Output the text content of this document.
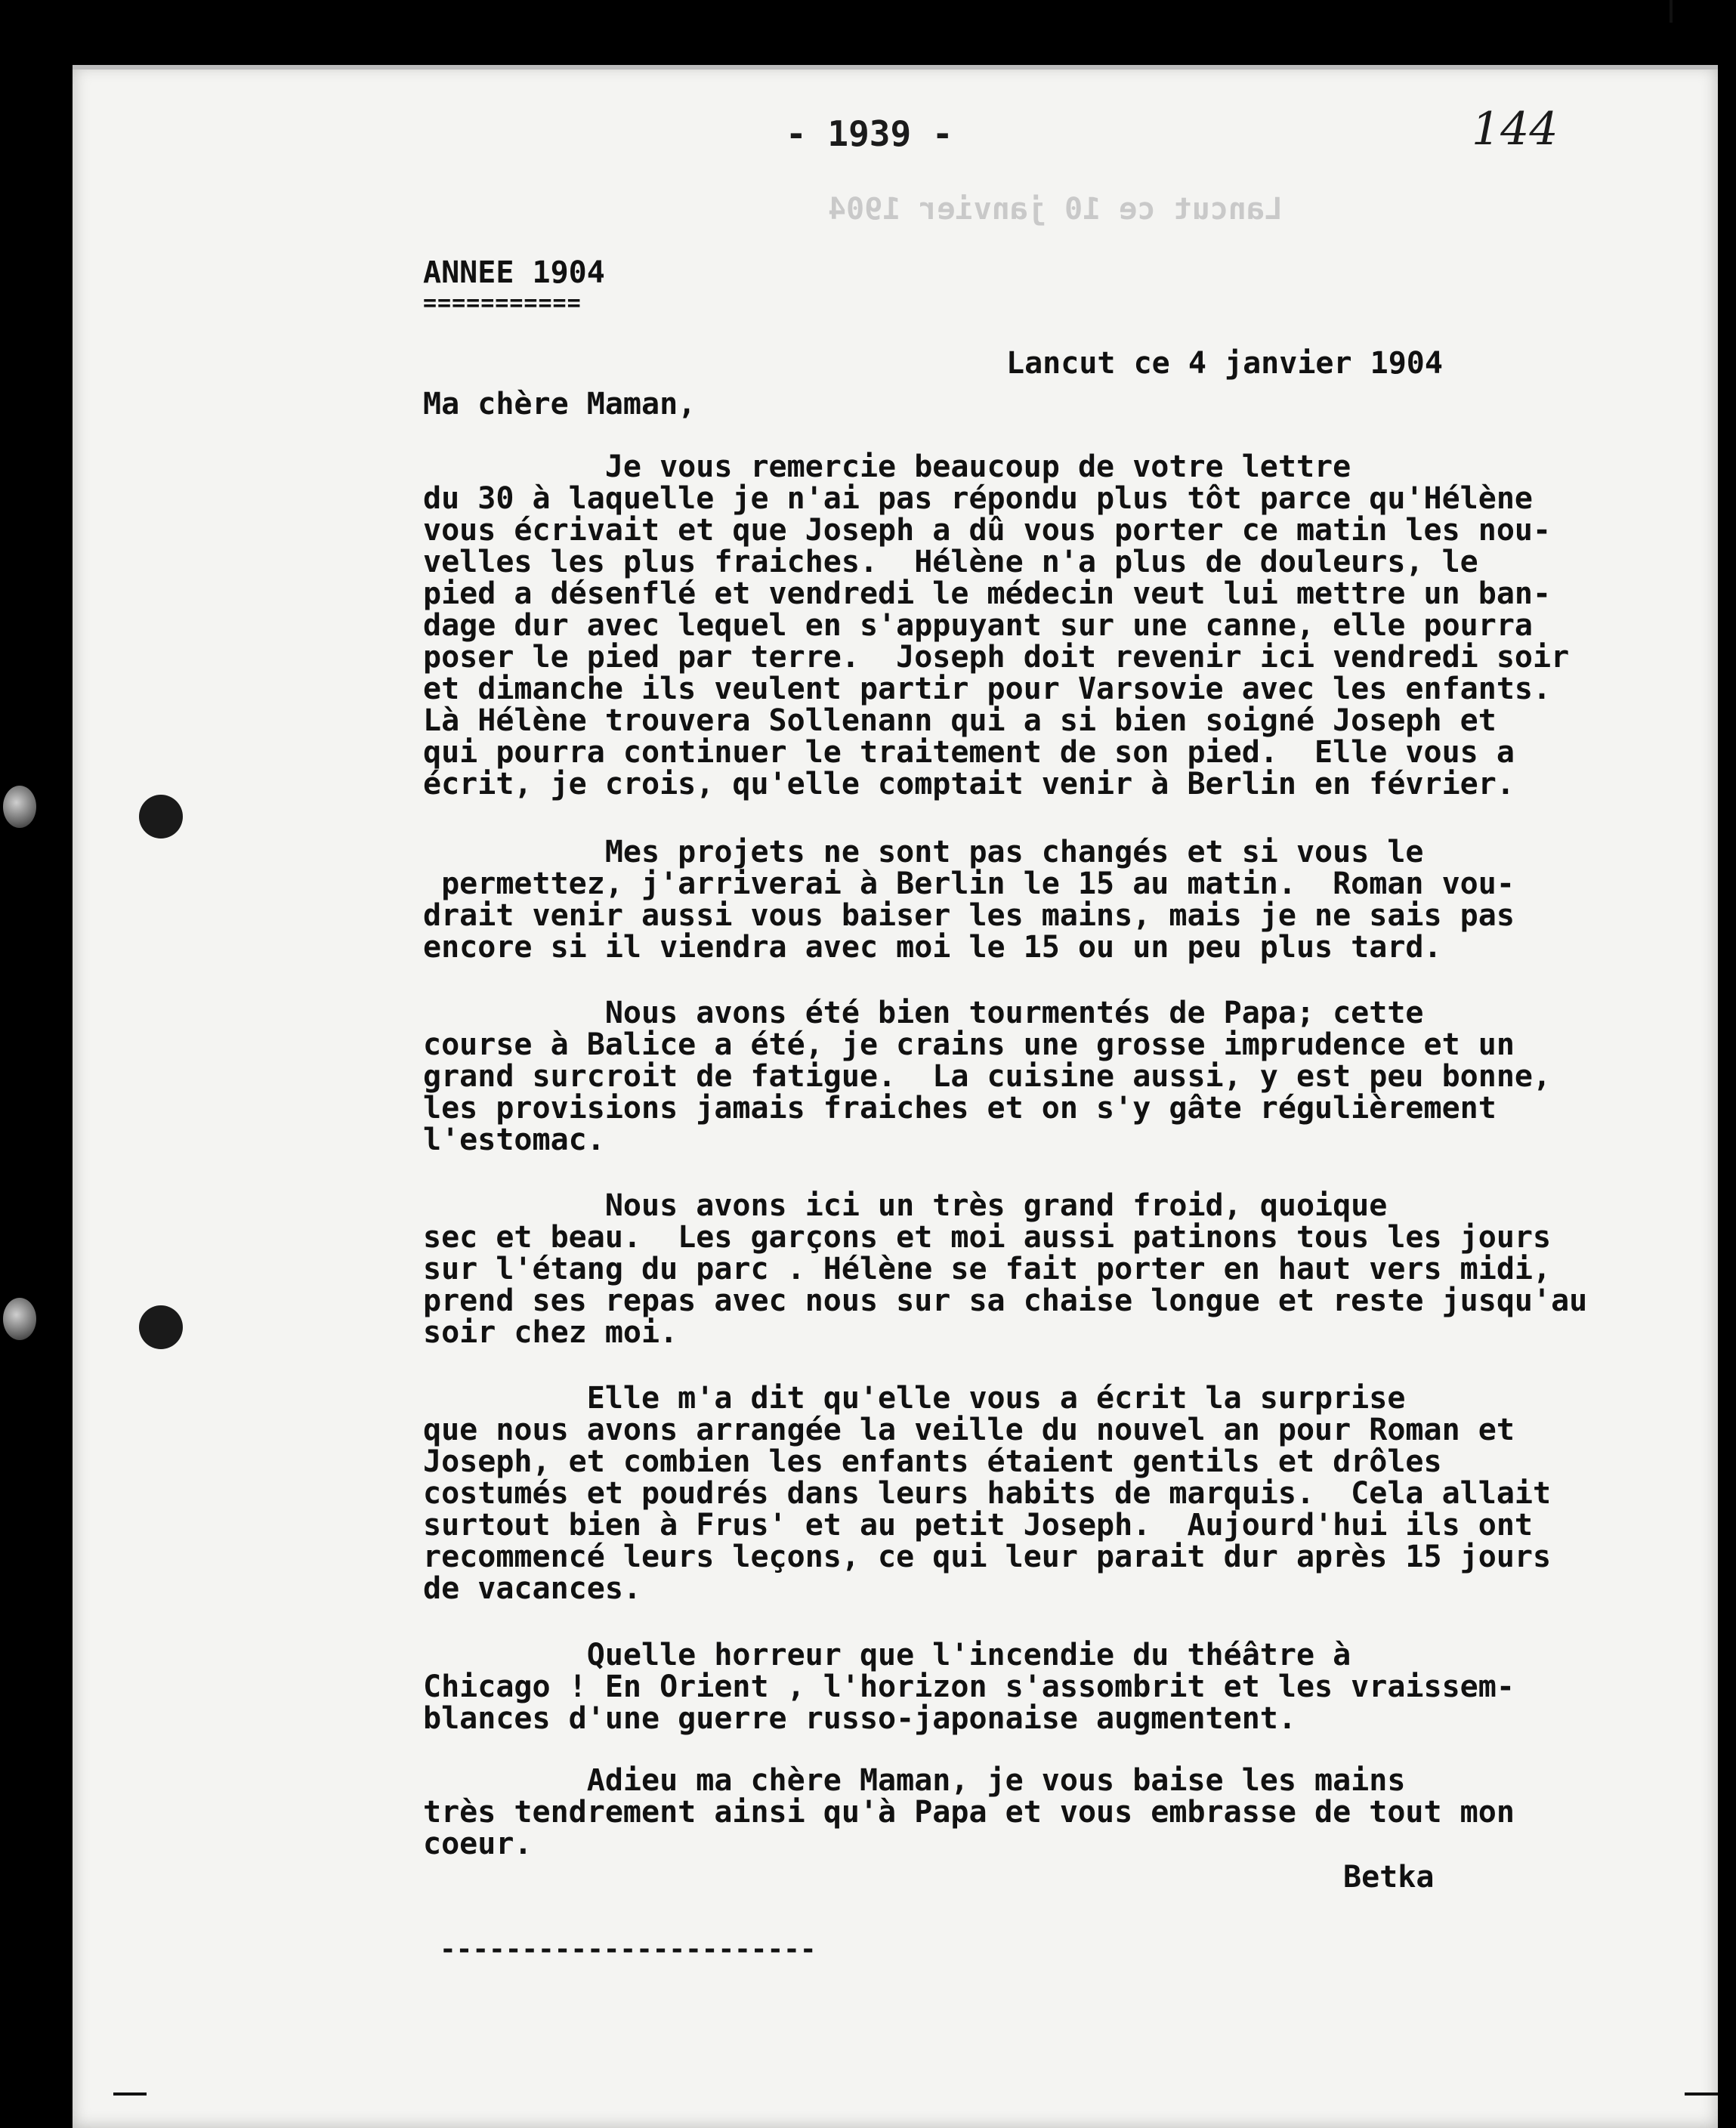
Lancut ce 10 janvier 1904
- 1939 -	144
ANNEE 1904
===========
Lancut ce 4 janvier 1904
Ma chère Maman,
Je vous remercie beaucoup de votre lettre
du 30 à laquelle je n'ai pas répondu plus tôt parce qu'Hélène
vous écrivait et que Joseph a dû vous porter ce matin les nou-
velles les plus fraiches.  Hélène n'a plus de douleurs, le
pied a désenflé et vendredi le médecin veut lui mettre un ban-
dage dur avec lequel en s'appuyant sur une canne, elle pourra
poser le pied par terre.  Joseph doit revenir ici vendredi soir
et dimanche ils veulent partir pour Varsovie avec les enfants.
Là Hélène trouvera Sollenann qui a si bien soigné Joseph et
qui pourra continuer le traitement de son pied.  Elle vous a
écrit, je crois, qu'elle comptait venir à Berlin en février.
Mes projets ne sont pas changés et si vous le
permettez, j'arriverai à Berlin le 15 au matin.  Roman vou-
drait venir aussi vous baiser les mains, mais je ne sais pas
encore si il viendra avec moi le 15 ou un peu plus tard.
Nous avons été bien tourmentés de Papa; cette
course à Balice a été, je crains une grosse imprudence et un
grand surcroit de fatigue.  La cuisine aussi, y est peu bonne,
les provisions jamais fraiches et on s'y gâte régulièrement
l'estomac.
Nous avons ici un très grand froid, quoique
sec et beau.  Les garçons et moi aussi patinons tous les jours
sur l'étang du parc . Hélène se fait porter en haut vers midi,
prend ses repas avec nous sur sa chaise longue et reste jusqu'au
soir chez moi.
Elle m'a dit qu'elle vous a écrit la surprise
que nous avons arrangée la veille du nouvel an pour Roman et
Joseph, et combien les enfants étaient gentils et drôles
costumés et poudrés dans leurs habits de marquis.  Cela allait
surtout bien à Frus' et au petit Joseph.  Aujourd'hui ils ont
recommencé leurs leçons, ce qui leur parait dur après 15 jours
de vacances.
Quelle horreur que l'incendie du théâtre à
Chicago ! En Orient , l'horizon s'assombrit et les vraissem-
blances d'une guerre russo-japonaise augmentent.
Adieu ma chère Maman, je vous baise les mains
très tendrement ainsi qu'à Papa et vous embrasse de tout mon
coeur.
Betka
-----------------------
